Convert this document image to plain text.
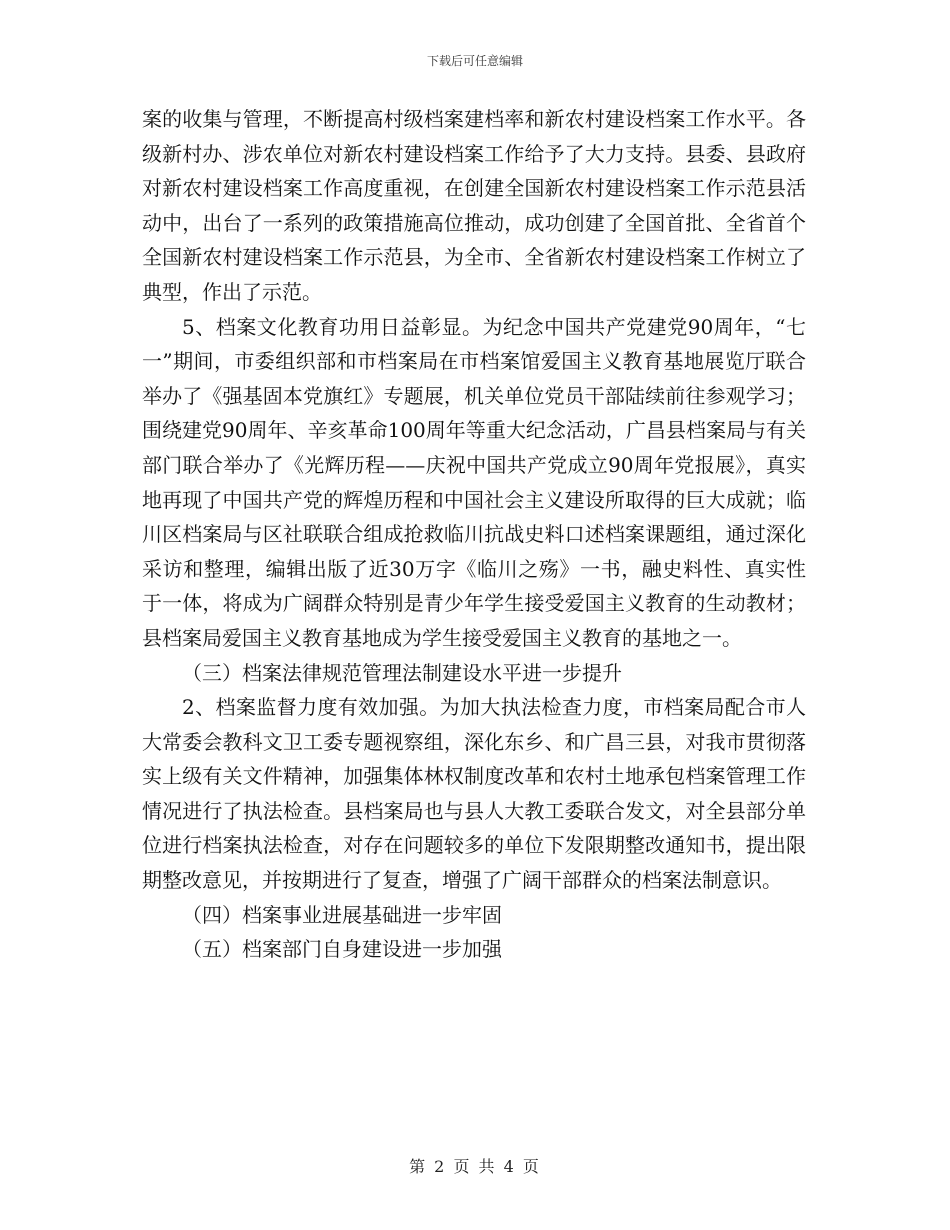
下载后可任意编辑

案的收集与管理，不断提高村级档案建档率和新农村建设档案工作水平。各级新村办、涉农单位对新农村建设档案工作给予了大力支持。县委、县政府对新农村建设档案工作高度重视，在创建全国新农村建设档案工作示范县活动中，出台了一系列的政策措施高位推动，成功创建了全国首批、全省首个全国新农村建设档案工作示范县，为全市、全省新农村建设档案工作树立了典型，作出了示范。

5、档案文化教育功用日益彰显。为纪念中国共产党建党90周年，“七一”期间，市委组织部和市档案局在市档案馆爱国主义教育基地展览厅联合举办了《强基固本党旗红》专题展，机关单位党员干部陆续前往参观学习；围绕建党90周年、辛亥革命100周年等重大纪念活动，广昌县档案局与有关部门联合举办了《光辉历程——庆祝中国共产党成立90周年党报展》，真实地再现了中国共产党的辉煌历程和中国社会主义建设所取得的巨大成就；临川区档案局与区社联联合组成抢救临川抗战史料口述档案课题组，通过深化采访和整理，编辑出版了近30万字《临川之殇》一书，融史料性、真实性于一体，将成为广阔群众特别是青少年学生接受爱国主义教育的生动教材；县档案局爱国主义教育基地成为学生接受爱国主义教育的基地之一。

（三）档案法律规范管理法制建设水平进一步提升

2、档案监督力度有效加强。为加大执法检查力度，市档案局配合市人大常委会教科文卫工委专题视察组，深化东乡、和广昌三县，对我市贯彻落实上级有关文件精神，加强集体林权制度改革和农村土地承包档案管理工作情况进行了执法检查。县档案局也与县人大教工委联合发文，对全县部分单位进行档案执法检查，对存在问题较多的单位下发限期整改通知书，提出限期整改意见，并按期进行了复查，增强了广阔干部群众的档案法制意识。

（四）档案事业进展基础进一步牢固

（五）档案部门自身建设进一步加强

第 2 页 共 4 页
